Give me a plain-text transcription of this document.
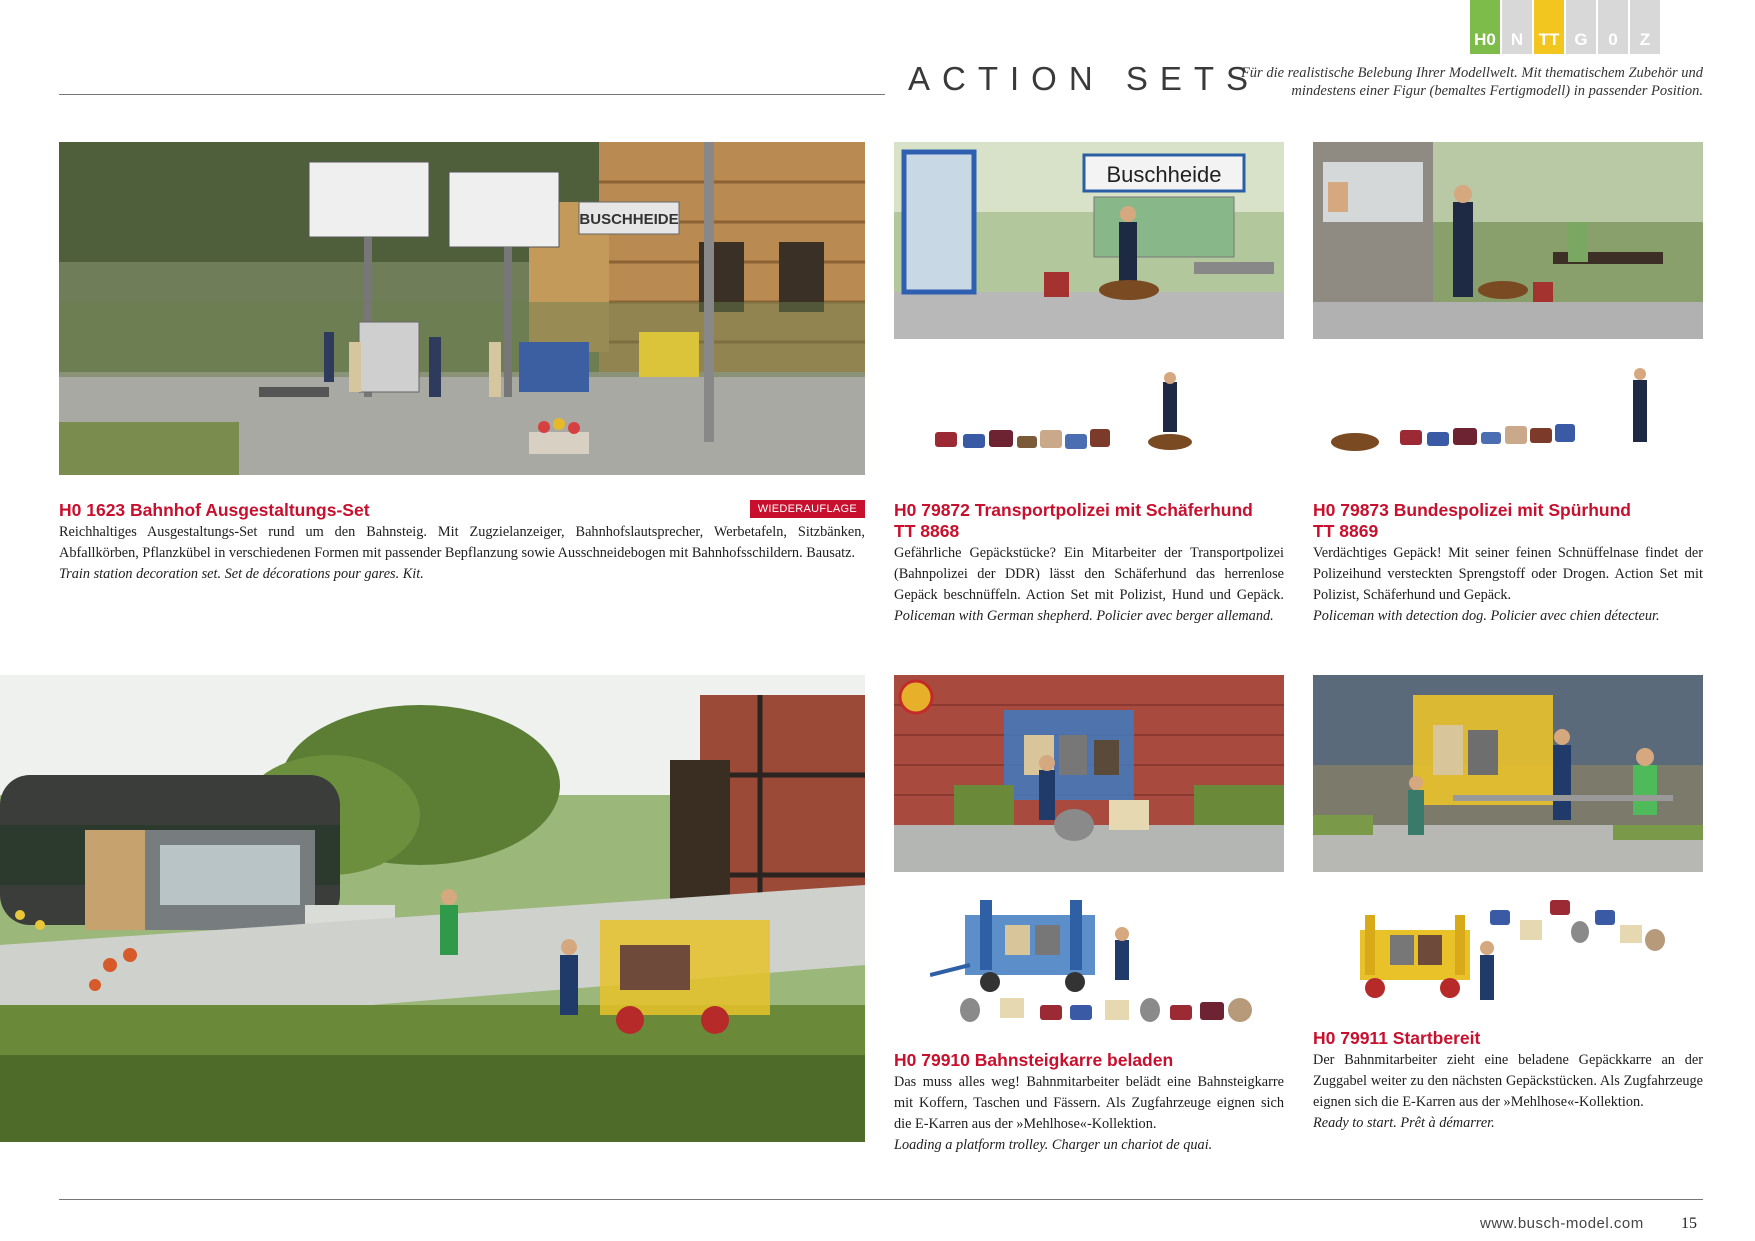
H0 N TT G	0	Z
ACTION SETS

Für die realistische Belebung Ihrer Modellwelt. Mit thematischem Zubehör und mindestens einer Figur (bemaltes Fertigmodell) in passender Position.

BUSCHHEIDE
Buschheide
WIEDERAUFLAGE
H0 1623 Bahnhof Ausgestaltungs-Set
Reichhaltiges Ausgestaltungs-Set rund um den Bahnsteig. Mit Zugzielanzeiger, Bahnhofslautsprecher, Werbetafeln, Sitzbänken, Abfallkörben, Pflanzkübel in verschiedenen Formen mit passender Bepflanzung sowie Ausschneidebogen mit Bahnhofsschildern. Bausatz.
Train station decoration set. Set de décorations pour gares. Kit.
H0 79872 Transportpolizei mit Schäferhund
TT 8868
Gefährliche Gepäckstücke? Ein Mitarbeiter der Transportpolizei (Bahnpolizei der DDR) lässt den Schäferhund das herrenlose Gepäck beschnüffeln. Action Set mit Polizist, Hund und Gepäck. Policeman with German shepherd. Policier avec berger allemand.
H0 79873 Bundespolizei mit Spürhund
TT 8869
Verdächtiges Gepäck! Mit seiner feinen Schnüffelnase findet der Polizeihund versteckten Sprengstoff oder Drogen. Action Set mit Polizist, Schäferhund und Gepäck.
Policeman with detection dog. Policier avec chien détecteur.
H0 79910 Bahnsteigkarre beladen
Das muss alles weg! Bahnmitarbeiter belädt eine Bahnsteigkarre mit Koffern, Taschen und Fässern. Als Zugfahrzeuge eignen sich die E-Karren aus der »Mehlhose«-Kollektion.
Loading a platform trolley. Charger un chariot de quai.
H0 79911 Startbereit
Der Bahnmitarbeiter zieht eine beladene Gepäckkarre an der Zuggabel weiter zu den nächsten Gepäckstücken. Als Zugfahrzeuge eignen sich die E-Karren aus der »Mehlhose«-Kollektion.
Ready to start. Prêt à démarrer.
www.busch-model.com 15
